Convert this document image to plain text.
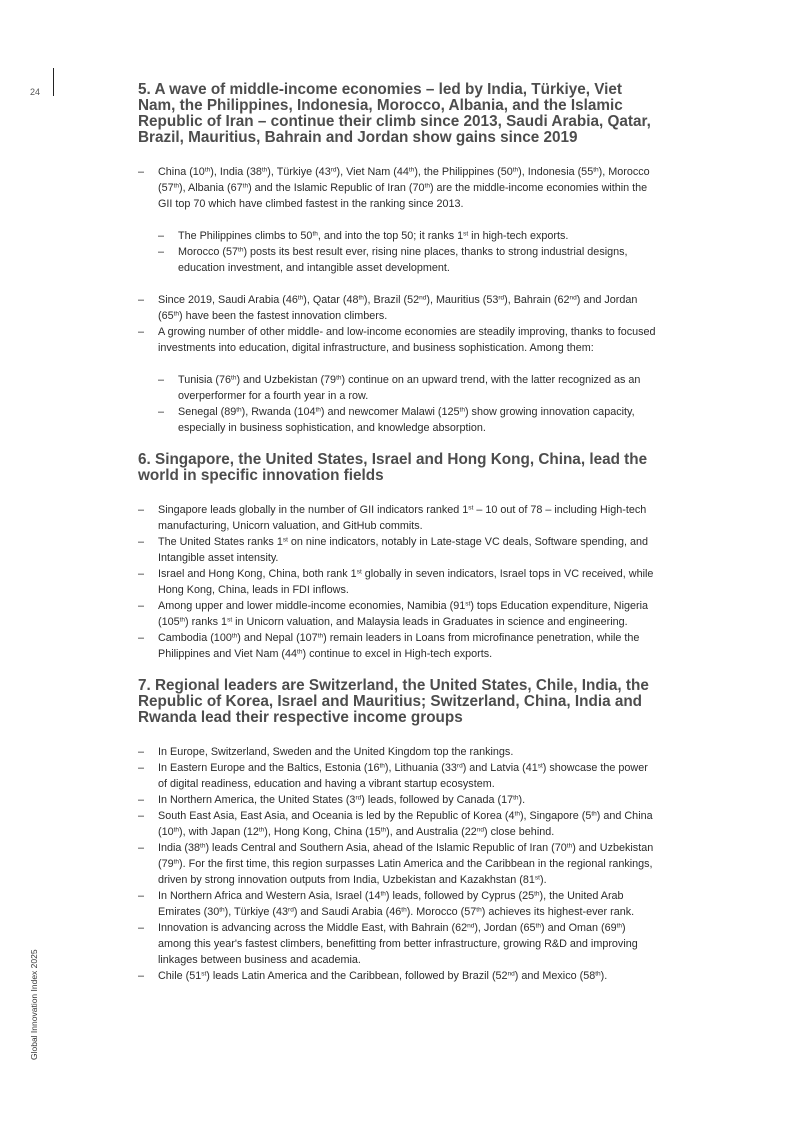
24
Global Innovation Index 2025
5. A wave of middle-income economies – led by India, Türkiye, Viet Nam, the Philippines, Indonesia, Morocco, Albania, and the Islamic Republic of Iran – continue their climb since 2013, Saudi Arabia, Qatar, Brazil, Mauritius, Bahrain and Jordan show gains since 2019
– China (10th), India (38th), Türkiye (43rd), Viet Nam (44th), the Philippines (50th), Indonesia (55th), Morocco (57th), Albania (67th) and the Islamic Republic of Iran (70th) are the middle-income economies within the GII top 70 which have climbed fastest in the ranking since 2013.
– The Philippines climbs to 50th, and into the top 50; it ranks 1st in high-tech exports.
– Morocco (57th) posts its best result ever, rising nine places, thanks to strong industrial designs, education investment, and intangible asset development.
– Since 2019, Saudi Arabia (46th), Qatar (48th), Brazil (52nd), Mauritius (53rd), Bahrain (62nd) and Jordan (65th) have been the fastest innovation climbers.
– A growing number of other middle- and low-income economies are steadily improving, thanks to focused investments into education, digital infrastructure, and business sophistication. Among them:
– Tunisia (76th) and Uzbekistan (79th) continue on an upward trend, with the latter recognized as an overperformer for a fourth year in a row.
– Senegal (89th), Rwanda (104th) and newcomer Malawi (125th) show growing innovation capacity, especially in business sophistication, and knowledge absorption.
6. Singapore, the United States, Israel and Hong Kong, China, lead the world in specific innovation fields
– Singapore leads globally in the number of GII indicators ranked 1st – 10 out of 78 – including High-tech manufacturing, Unicorn valuation, and GitHub commits.
– The United States ranks 1st on nine indicators, notably in Late-stage VC deals, Software spending, and Intangible asset intensity.
– Israel and Hong Kong, China, both rank 1st globally in seven indicators, Israel tops in VC received, while Hong Kong, China, leads in FDI inflows.
– Among upper and lower middle-income economies, Namibia (91st) tops Education expenditure, Nigeria (105th) ranks 1st in Unicorn valuation, and Malaysia leads in Graduates in science and engineering.
– Cambodia (100th) and Nepal (107th) remain leaders in Loans from microfinance penetration, while the Philippines and Viet Nam (44th) continue to excel in High-tech exports.
7. Regional leaders are Switzerland, the United States, Chile, India, the Republic of Korea, Israel and Mauritius; Switzerland, China, India and Rwanda lead their respective income groups
– In Europe, Switzerland, Sweden and the United Kingdom top the rankings.
– In Eastern Europe and the Baltics, Estonia (16th), Lithuania (33rd) and Latvia (41st) showcase the power of digital readiness, education and having a vibrant startup ecosystem.
– In Northern America, the United States (3rd) leads, followed by Canada (17th).
– South East Asia, East Asia, and Oceania is led by the Republic of Korea (4th), Singapore (5th) and China (10th), with Japan (12th), Hong Kong, China (15th), and Australia (22nd) close behind.
– India (38th) leads Central and Southern Asia, ahead of the Islamic Republic of Iran (70th) and Uzbekistan (79th). For the first time, this region surpasses Latin America and the Caribbean in the regional rankings, driven by strong innovation outputs from India, Uzbekistan and Kazakhstan (81st).
– In Northern Africa and Western Asia, Israel (14th) leads, followed by Cyprus (25th), the United Arab Emirates (30th), Türkiye (43rd) and Saudi Arabia (46th). Morocco (57th) achieves its highest-ever rank.
– Innovation is advancing across the Middle East, with Bahrain (62nd), Jordan (65th) and Oman (69th) among this year's fastest climbers, benefitting from better infrastructure, growing R&D and improving linkages between business and academia.
– Chile (51st) leads Latin America and the Caribbean, followed by Brazil (52nd) and Mexico (58th).
